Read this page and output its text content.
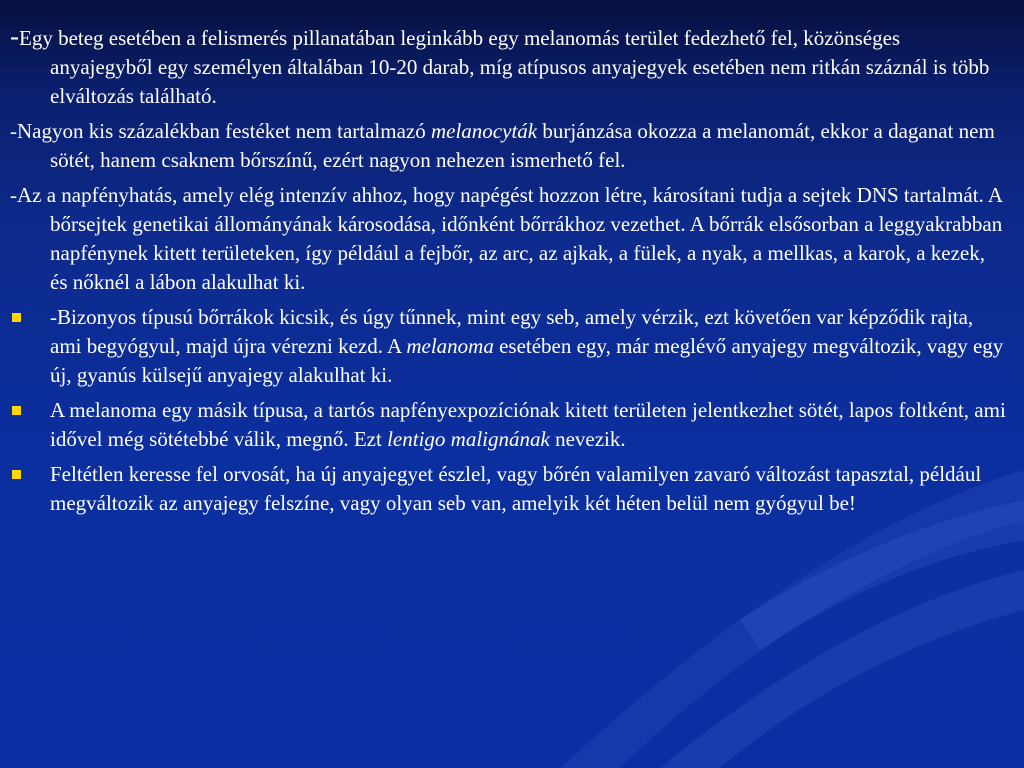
-Egy beteg esetében a felismerés pillanatában leginkább egy melanomás terület fedezhető fel, közönséges anyajegyből egy személyen általában 10-20 darab, míg atípusos anyajegyek esetében nem ritkán száznál is több elváltozás található.

-Nagyon kis százalékban festéket nem tartalmazó melanocyták burjánzása okozza a melanomát, ekkor a daganat nem sötét, hanem csaknem bőrszínű, ezért nagyon nehezen ismerhető fel.

-Az a napfényhatás, amely elég intenzív ahhoz, hogy napégést hozzon létre, károsítani tudja a sejtek DNS tartalmát. A bőrsejtek genetikai állományának károsodása, időnként bőrrákhoz vezethet. A bőrrák elsősorban a leggyakrabban napfénynek kitett területeken, így például a fejbőr, az arc, az ajkak, a fülek, a nyak, a mellkas, a karok, a kezek, és nőknél a lábon alakulhat ki.

-Bizonyos típusú bőrrákok kicsik, és úgy tűnnek, mint egy seb, amely vérzik, ezt követően var képződik rajta, ami begyógyul, majd újra vérezni kezd. A melanoma esetében egy, már meglévő anyajegy megváltozik, vagy egy új, gyanús külsejű anyajegy alakulhat ki.
A melanoma egy másik típusa, a tartós napfényexpozíciónak kitett területen jelentkezhet sötét, lapos foltként, ami idővel még sötétebbé válik, megnő. Ezt lentigo malignának nevezik.
Feltétlen keresse fel orvosát, ha új anyajegyet észlel, vagy bőrén valamilyen zavaró változást tapasztal, például megváltozik az anyajegy felszíne, vagy olyan seb van, amelyik két héten belül nem gyógyul be!
